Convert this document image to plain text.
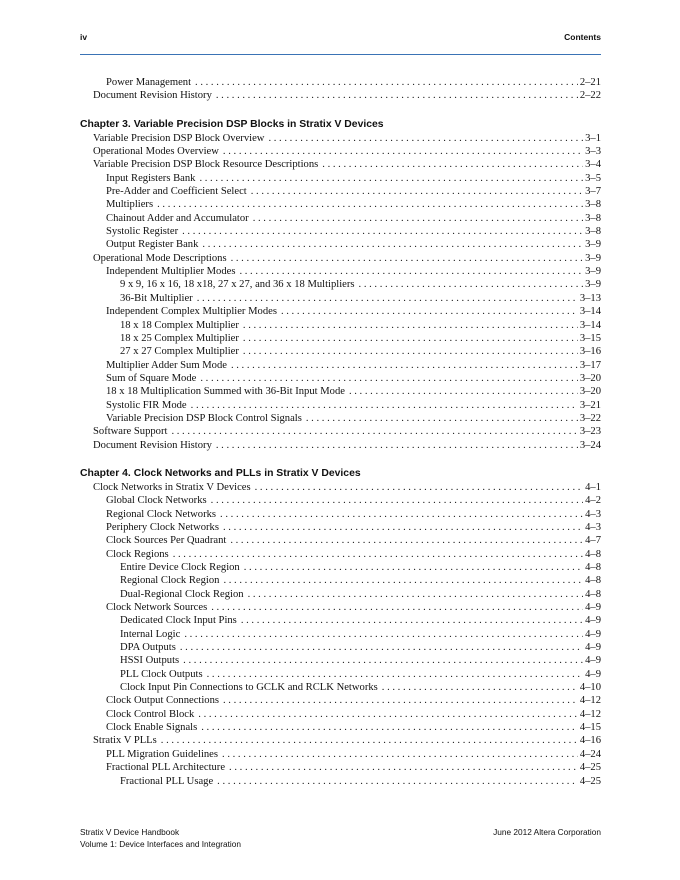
iv	Contents
Power Management . . .	2–21
Document Revision History . . .	2–22
Chapter 3. Variable Precision DSP Blocks in Stratix V Devices
Variable Precision DSP Block Overview . . .	3–1
Operational Modes Overview . . .	3–3
Variable Precision DSP Block Resource Descriptions . . .	3–4
Input Registers Bank . . .	3–5
Pre-Adder and Coefficient Select . . .	3–7
Multipliers . . .	3–8
Chainout Adder and Accumulator . . .	3–8
Systolic Register . . .	3–8
Output Register Bank . . .	3–9
Operational Mode Descriptions . . .	3–9
Independent Multiplier Modes . . .	3–9
9 x 9, 16 x 16, 18 x18, 27 x 27, and 36 x 18 Multipliers . . .	3–9
36-Bit Multiplier . . .	3–13
Independent Complex Multiplier Modes . . .	3–14
18 x 18 Complex Multiplier . . .	3–14
18 x 25 Complex Multiplier . . .	3–15
27 x 27 Complex Multiplier . . .	3–16
Multiplier Adder Sum Mode . . .	3–17
Sum of Square Mode . . .	3–20
18 x 18 Multiplication Summed with 36-Bit Input Mode . . .	3–20
Systolic FIR Mode . . .	3–21
Variable Precision DSP Block Control Signals . . .	3–22
Software Support . . .	3–23
Document Revision History . . .	3–24
Chapter 4. Clock Networks and PLLs in Stratix V Devices
Clock Networks in Stratix V Devices . . .	4–1
Global Clock Networks . . .	4–2
Regional Clock Networks . . .	4–3
Periphery Clock Networks . . .	4–3
Clock Sources Per Quadrant . . .	4–7
Clock Regions . . .	4–8
Entire Device Clock Region . . .	4–8
Regional Clock Region . . .	4–8
Dual-Regional Clock Region . . .	4–8
Clock Network Sources . . .	4–9
Dedicated Clock Input Pins . . .	4–9
Internal Logic . . .	4–9
DPA Outputs . . .	4–9
HSSI Outputs . . .	4–9
PLL Clock Outputs . . .	4–9
Clock Input Pin Connections to GCLK and RCLK Networks . . .	4–10
Clock Output Connections . . .	4–12
Clock Control Block . . .	4–12
Clock Enable Signals . . .	4–15
Stratix V PLLs . . .	4–16
PLL Migration Guidelines . . .	4–24
Fractional PLL Architecture . . .	4–25
Fractional PLL Usage . . .	4–25
Stratix V Device Handbook
Volume 1: Device Interfaces and Integration
June 2012 Altera Corporation
